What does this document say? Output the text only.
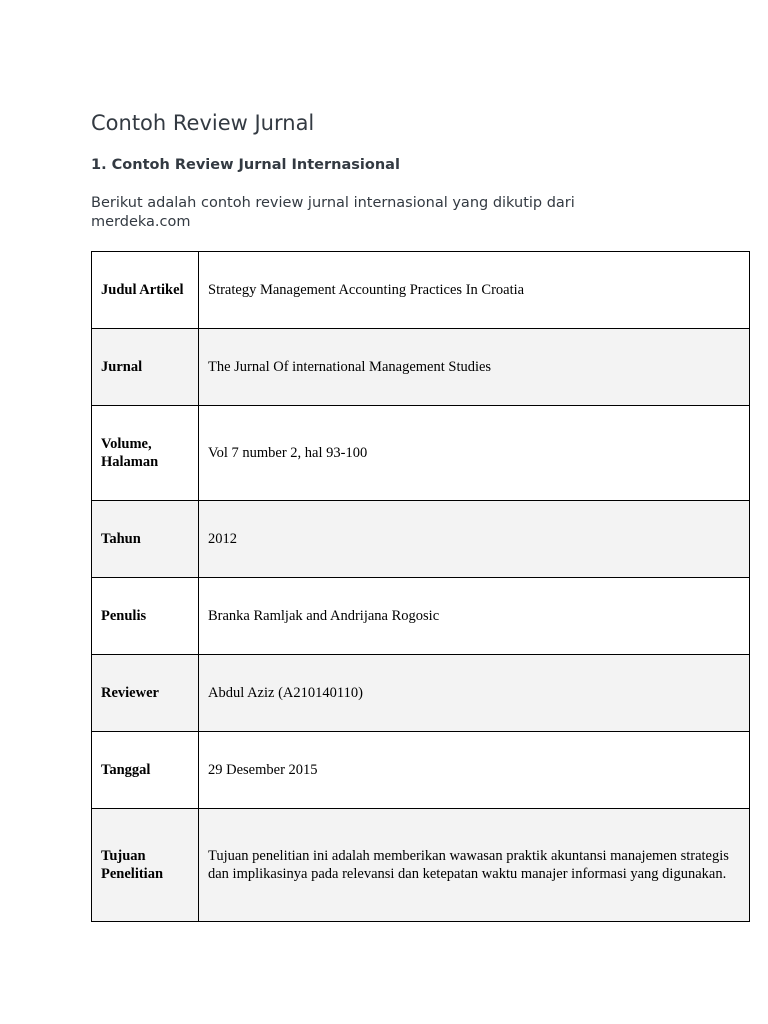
Contoh Review Jurnal
1. Contoh Review Jurnal Internasional

Berikut adalah contoh review jurnal internasional yang dikutip dari merdeka.com

Judul Artikel	Strategy Management Accounting Practices In Croatia
Jurnal	The Jurnal Of international Management Studies
Volume, Halaman	Vol 7 number 2, hal 93-100
Tahun	2012
Penulis	Branka Ramljak and Andrijana Rogosic
Reviewer	Abdul Aziz (A210140110)
Tanggal	29 Desember 2015
Tujuan Penelitian	Tujuan penelitian ini adalah memberikan wawasan praktik akuntansi manajemen strategis dan implikasinya pada relevansi dan ketepatan waktu manajer informasi yang digunakan.
